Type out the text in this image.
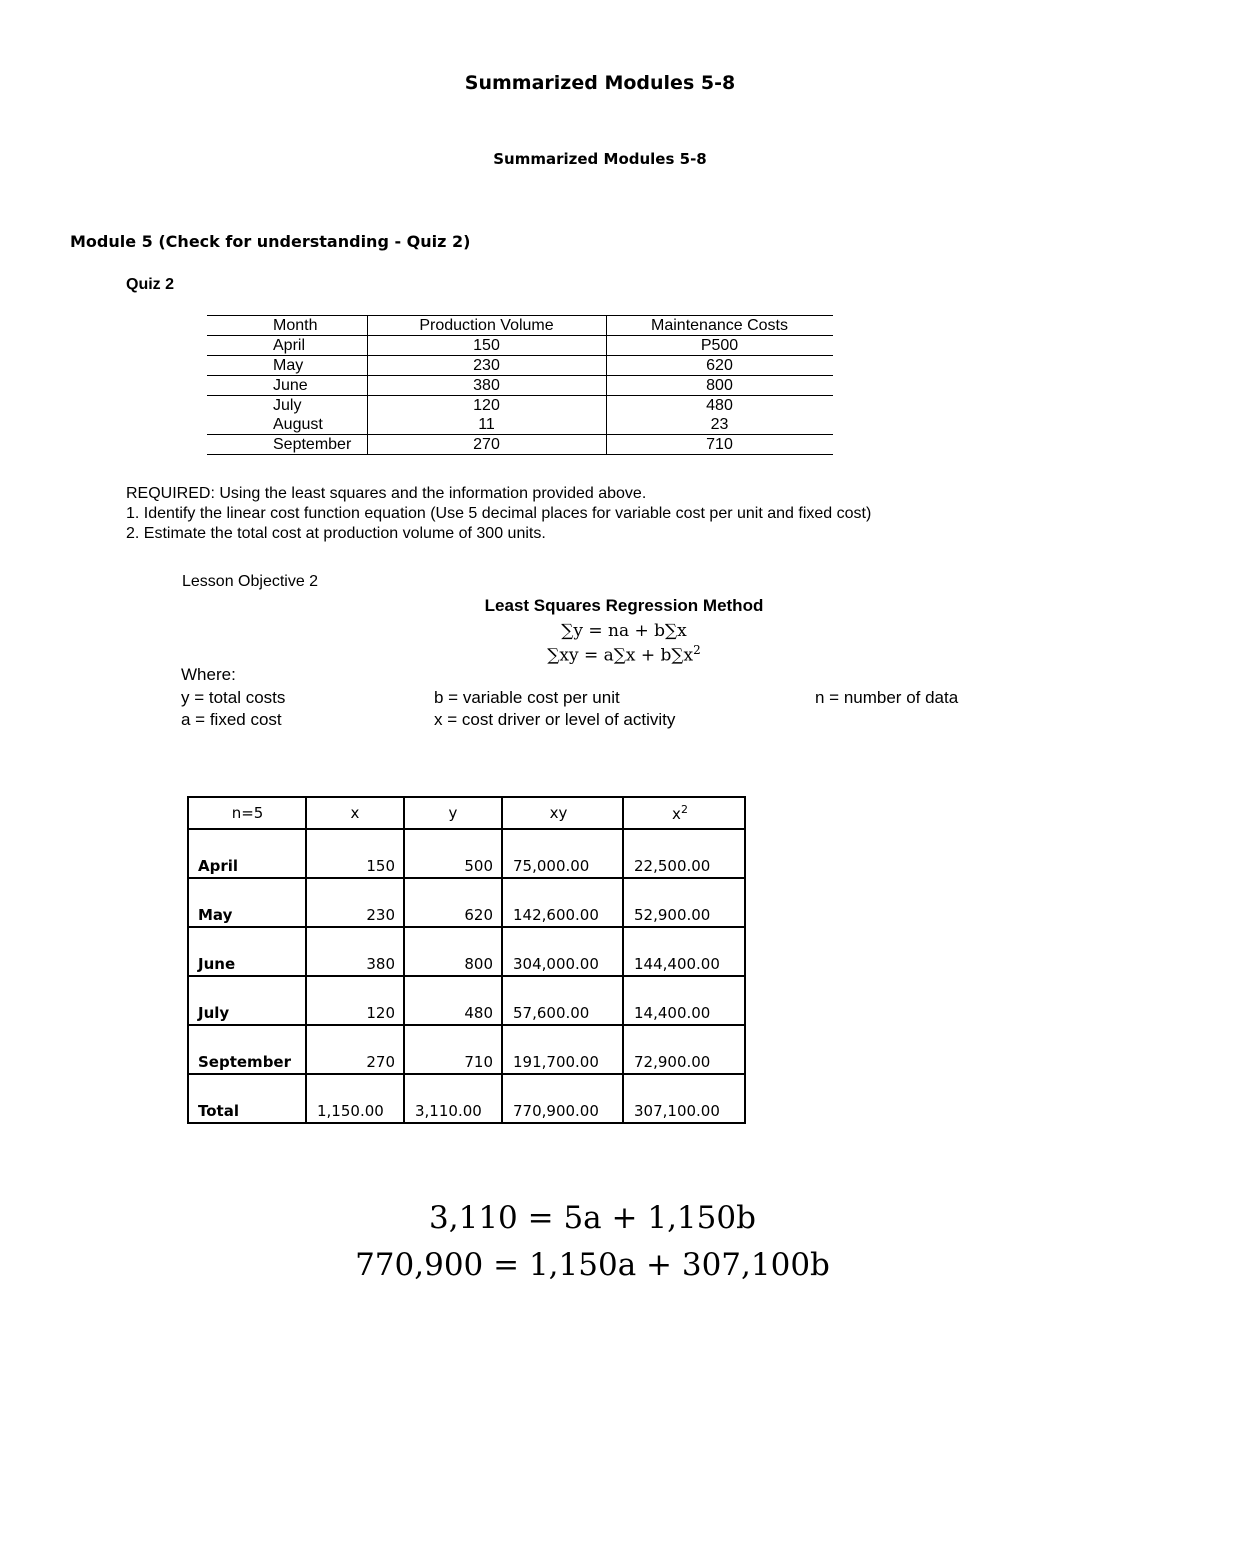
Summarized Modules 5-8
Summarized Modules 5-8
Module 5 (Check for understanding - Quiz 2)
Quiz 2
Month	Production Volume	Maintenance Costs
April	150	P500
May	230	620
June	380	800
July	120	480
August	11	23
September	270	710

REQUIRED: Using the least squares and the information provided above.

1. Identify the linear cost function equation (Use 5 decimal places for variable cost per unit and fixed cost)

2. Estimate the total cost at production volume of 300 units.

Lesson Objective 2
Least Squares Regression Method
∑y = na + b∑x
$\sum xy = a\sum x + b\sum x^2$
Where:
y = total costs
a = fixed cost
b = variable cost per unit
x = cost driver or level of activity
n = number of data
n=5	x	y	xy	$x^2$
April	150	500	75,000.00	22,500.00
May	230	620	142,600.00	52,900.00
June	380	800	304,000.00	144,400.00
July	120	480	57,600.00	14,400.00
September	270	710	191,700.00	72,900.00
Total	1,150.00	3,110.00	770,900.00	307,100.00
3,110 = 5a + 1,150b
770,900 = 1,150a + 307,100b
